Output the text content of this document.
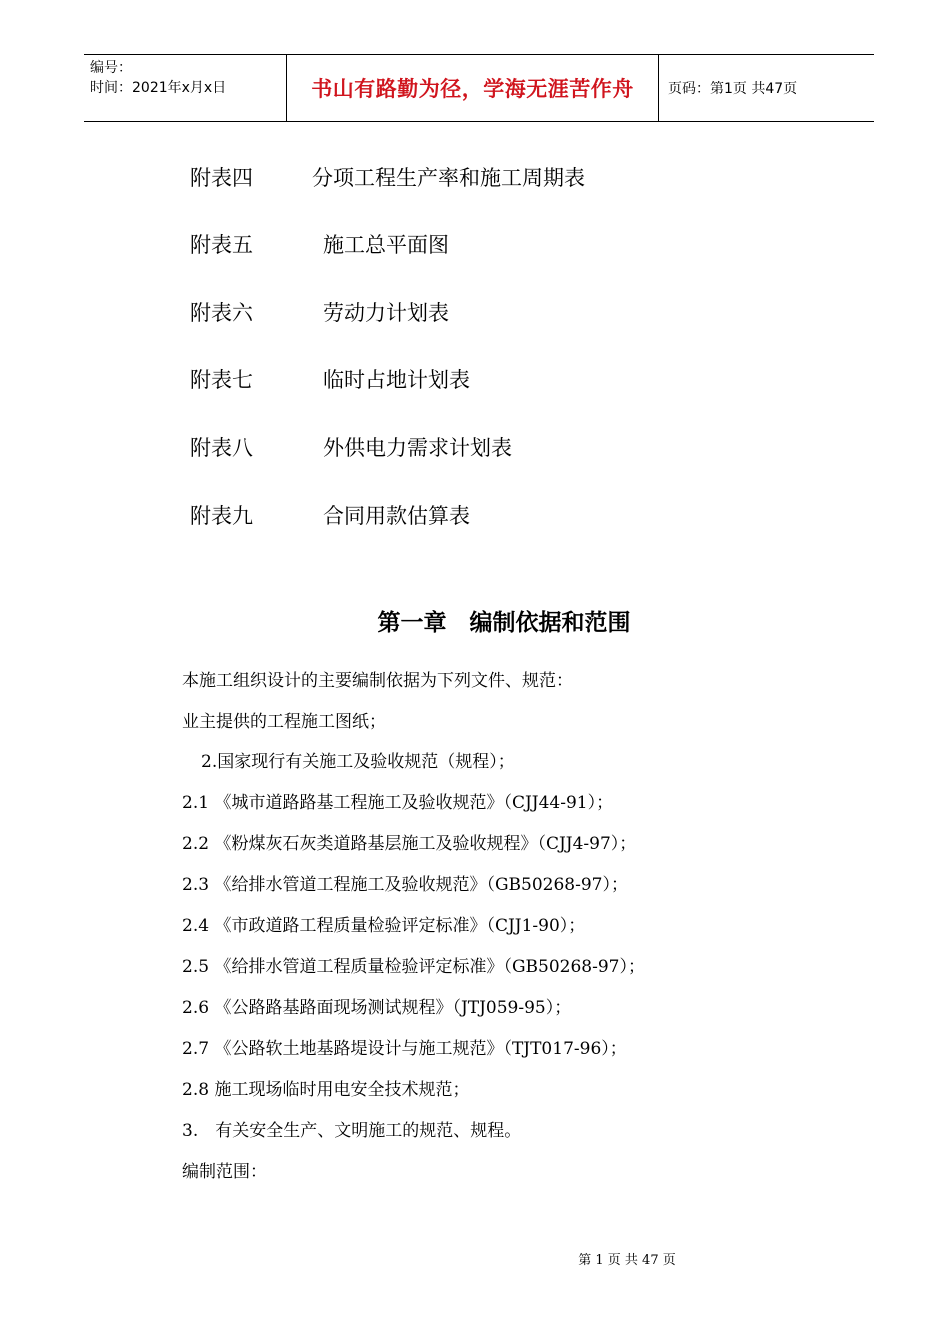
编号：
时间：2021年x月x日	书山有路勤为径，学海无涯苦作舟	页码：第1页 共47页
附表四	分项工程生产率和施工周期表
附表五	施工总平面图
附表六	劳动力计划表
附表七	临时占地计划表
附表八	外供电力需求计划表
附表九	合同用款估算表
第一章　编制依据和范围
本施工组织设计的主要编制依据为下列文件、规范：
业主提供的工程施工图纸；
2.国家现行有关施工及验收规范（规程）；
2.1 《城市道路路基工程施工及验收规范》（CJJ44-91）；
2.2 《粉煤灰石灰类道路基层施工及验收规程》（CJJ4-97）；
2.3 《给排水管道工程施工及验收规范》（GB50268-97）；
2.4 《市政道路工程质量检验评定标准》（CJJ1-90）；
2.5 《给排水管道工程质量检验评定标准》（GB50268-97）；
2.6 《公路路基路面现场测试规程》（JTJ059-95）；
2.7 《公路软土地基路堤设计与施工规范》（TJT017-96）；
2.8 施工现场临时用电安全技术规范；
3.　有关安全生产、文明施工的规范、规程。
编制范围：
第 1 页 共 47 页
